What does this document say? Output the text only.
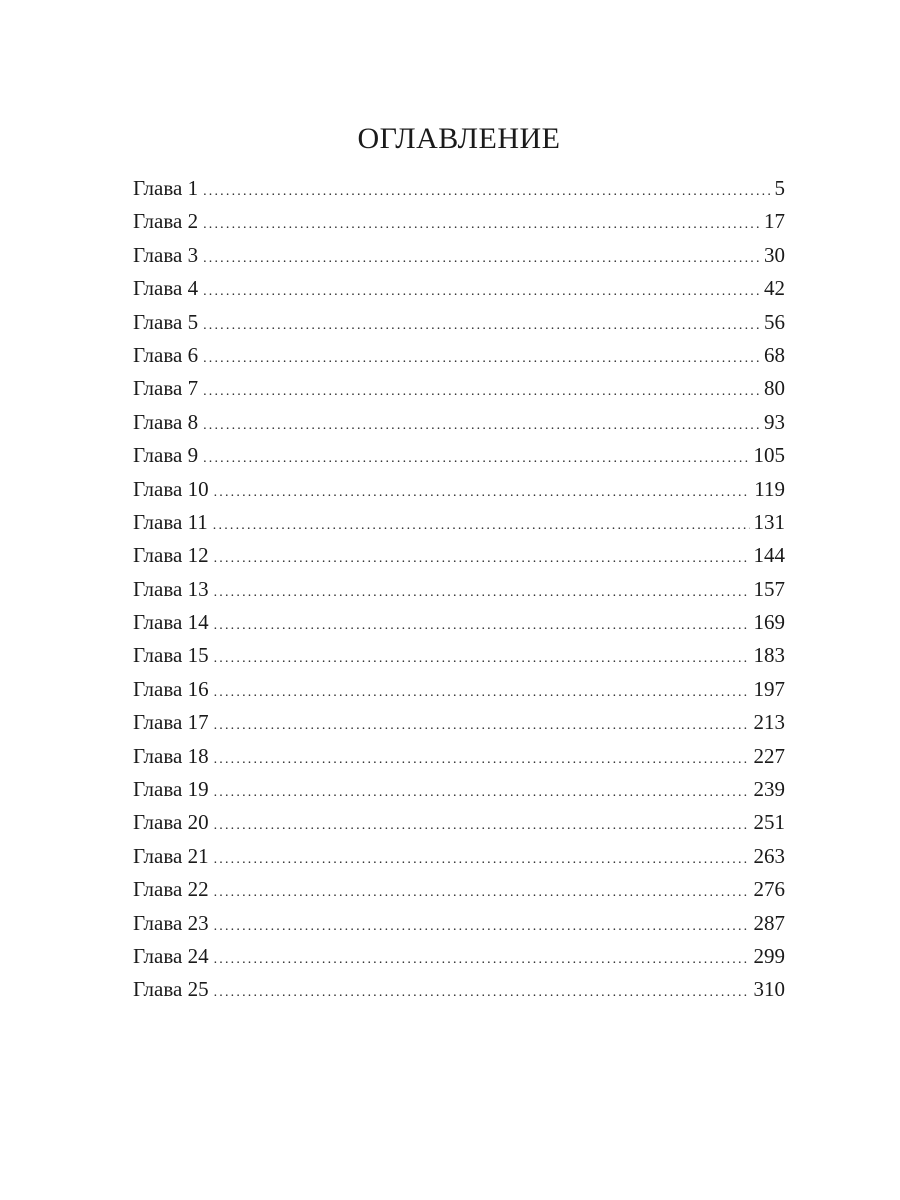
ОГЛАВЛЕНИЕ
Глава 1 .....	5
Глава 2 .....	17
Глава 3 .....	30
Глава 4 .....	42
Глава 5 .....	56
Глава 6 .....	68
Глава 7 .....	80
Глава 8 .....	93
Глава 9 .....	105
Глава 10 .....	119
Глава 11 .....	131
Глава 12 .....	144
Глава 13 .....	157
Глава 14 .....	169
Глава 15 .....	183
Глава 16 .....	197
Глава 17 .....	213
Глава 18 .....	227
Глава 19 .....	239
Глава 20 .....	251
Глава 21 .....	263
Глава 22 .....	276
Глава 23 .....	287
Глава 24 .....	299
Глава 25 .....	310
